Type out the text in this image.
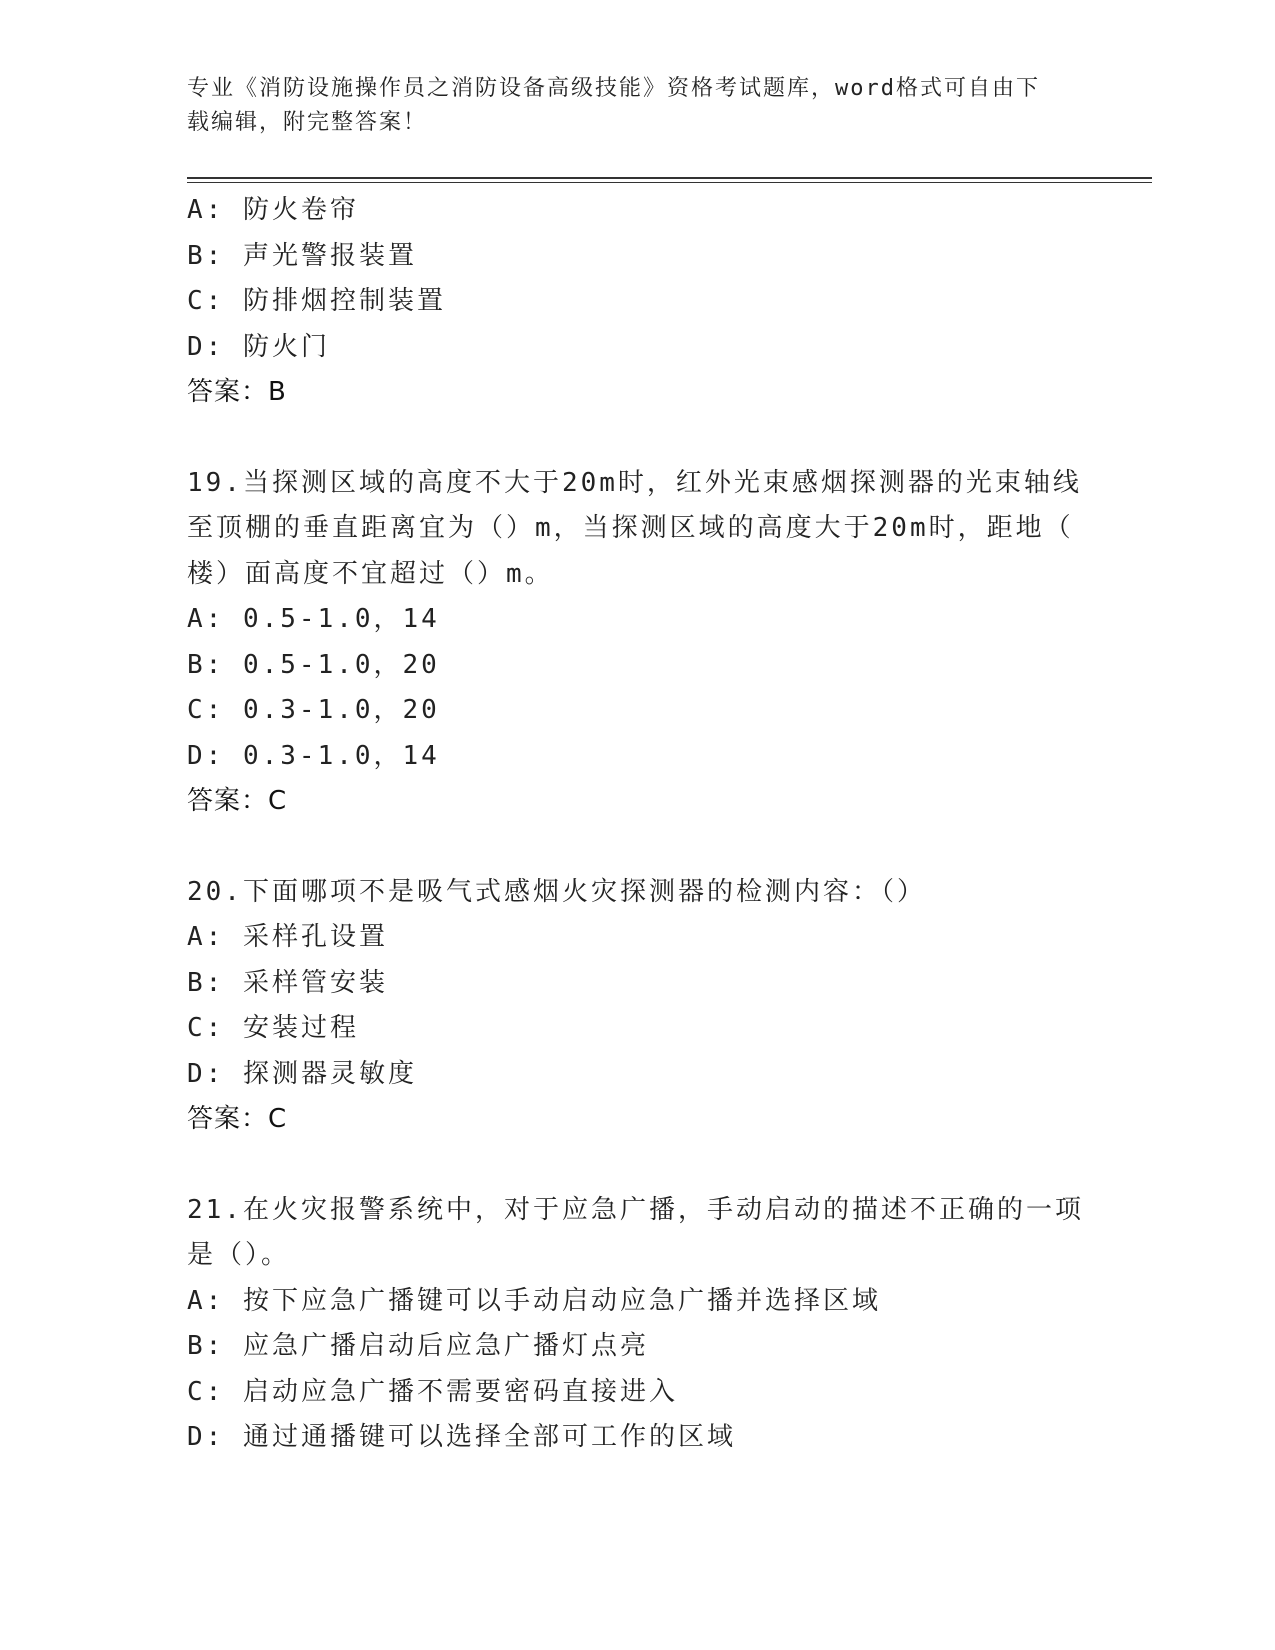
专业《消防设施操作员之消防设备高级技能》资格考试题库，word格式可自由下
载编辑，附完整答案！
A: 防火卷帘
B: 声光警报装置
C: 防排烟控制装置
D: 防火门
答案：B
19.当探测区域的高度不大于20m时，红外光束感烟探测器的光束轴线
至顶棚的垂直距离宜为（）m，当探测区域的高度大于20m时，距地（
楼）面高度不宜超过（）m。
A: 0.5-1.0，14
B: 0.5-1.0，20
C: 0.3-1.0，20
D: 0.3-1.0，14
答案：C
20.下面哪项不是吸气式感烟火灾探测器的检测内容：（）
A: 采样孔设置
B: 采样管安装
C: 安装过程
D: 探测器灵敏度
答案：C
21.在火灾报警系统中，对于应急广播，手动启动的描述不正确的一项
是（）。
A: 按下应急广播键可以手动启动应急广播并选择区域
B: 应急广播启动后应急广播灯点亮
C: 启动应急广播不需要密码直接进入
D: 通过通播键可以选择全部可工作的区域
